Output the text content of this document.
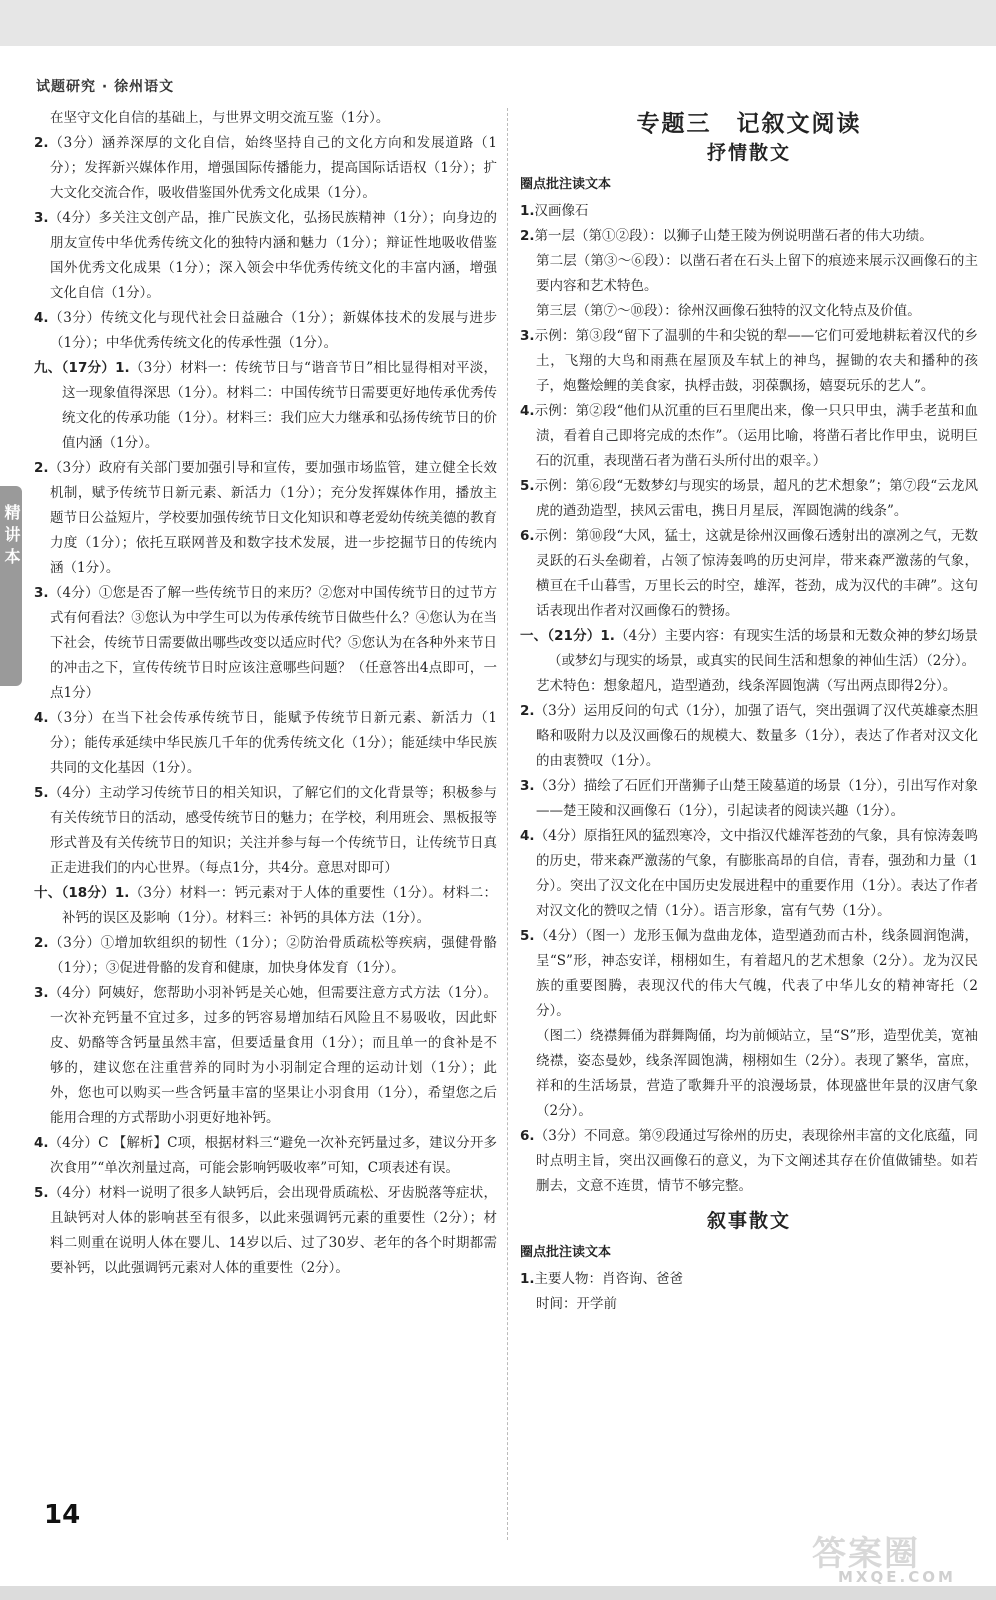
试题研究 · 徐州语文
精讲本

在坚守文化自信的基础上，与世界文明交流互鉴（1分）。

2.（3分）涵养深厚的文化自信，始终坚持自己的文化方向和发展道路（1分）；发挥新兴媒体作用，增强国际传播能力，提高国际话语权（1分）；扩大文化交流合作，吸收借鉴国外优秀文化成果（1分）。

3.（4分）多关注文创产品，推广民族文化，弘扬民族精神（1分）；向身边的朋友宣传中华优秀传统文化的独特内涵和魅力（1分）；辩证性地吸收借鉴国外优秀文化成果（1分）；深入领会中华优秀传统文化的丰富内涵，增强文化自信（1分）。

4.（3分）传统文化与现代社会日益融合（1分）；新媒体技术的发展与进步（1分）；中华优秀传统文化的传承性强（1分）。

九、（17分）1.（3分）材料一：传统节日与“谐音节日”相比显得相对平淡，这一现象值得深思（1分）。材料二：中国传统节日需要更好地传承优秀传统文化的传承功能（1分）。材料三：我们应大力继承和弘扬传统节日的价值内涵（1分）。

2.（3分）政府有关部门要加强引导和宣传，要加强市场监管，建立健全长效机制，赋予传统节日新元素、新活力（1分）；充分发挥媒体作用，播放主题节日公益短片，学校要加强传统节日文化知识和尊老爱幼传统美德的教育力度（1分）；依托互联网普及和数字技术发展，进一步挖掘节日的传统内涵（1分）。

3.（4分）①您是否了解一些传统节日的来历？②您对中国传统节日的过节方式有何看法？③您认为中学生可以为传承传统节日做些什么？④您认为在当下社会，传统节日需要做出哪些改变以适应时代？⑤您认为在各种外来节日的冲击之下，宣传传统节日时应该注意哪些问题？（任意答出4点即可，一点1分）

4.（3分）在当下社会传承传统节日，能赋予传统节日新元素、新活力（1分）；能传承延续中华民族几千年的优秀传统文化（1分）；能延续中华民族共同的文化基因（1分）。

5.（4分）主动学习传统节日的相关知识，了解它们的文化背景等；积极参与有关传统节日的活动，感受传统节日的魅力；在学校，利用班会、黑板报等形式普及有关传统节日的知识；关注并参与每一个传统节日，让传统节日真正走进我们的内心世界。（每点1分，共4分。意思对即可）

十、（18分）1.（3分）材料一：钙元素对于人体的重要性（1分）。材料二：补钙的误区及影响（1分）。材料三：补钙的具体方法（1分）。

2.（3分）①增加软组织的韧性（1分）；②防治骨质疏松等疾病，强健骨骼（1分）；③促进骨骼的发育和健康，加快身体发育（1分）。

3.（4分）阿姨好，您帮助小羽补钙是关心她，但需要注意方式方法（1分）。一次补充钙量不宜过多，过多的钙容易增加结石风险且不易吸收，因此虾皮、奶酪等含钙量虽然丰富，但要适量食用（1分）；而且单一的食补是不够的，建议您在注重营养的同时为小羽制定合理的运动计划（1分）；此外，您也可以购买一些含钙量丰富的坚果让小羽食用（1分），希望您之后能用合理的方式帮助小羽更好地补钙。

4.（4分）C 【解析】C项，根据材料三“避免一次补充钙量过多，建议分开多次食用”“单次剂量过高，可能会影响钙吸收率”可知，C项表述有误。

5.（4分）材料一说明了很多人缺钙后，会出现骨质疏松、牙齿脱落等症状，且缺钙对人体的影响甚至有很多，以此来强调钙元素的重要性（2分）；材料二则重在说明人体在婴儿、14岁以后、过了30岁、老年的各个时期都需要补钙，以此强调钙元素对人体的重要性（2分）。

专题三　记叙文阅读
抒情散文
圈点批注读文本

1.汉画像石

2.第一层（第①②段）：以狮子山楚王陵为例说明凿石者的伟大功绩。

第二层（第③～⑥段）：以凿石者在石头上留下的痕迹来展示汉画像石的主要内容和艺术特色。

第三层（第⑦～⑩段）：徐州汉画像石独特的汉文化特点及价值。

3.示例：第③段“留下了温驯的牛和尖锐的犁——它们可爱地耕耘着汉代的乡土，飞翔的大鸟和雨燕在屋顶及车轼上的神鸟，握锄的农夫和播种的孩子，炮鳖烩鲤的美食家，执桴击鼓，羽葆飘扬，嬉耍玩乐的艺人”。

4.示例：第②段“他们从沉重的巨石里爬出来，像一只只甲虫，满手老茧和血渍，看着自己即将完成的杰作”。（运用比喻，将凿石者比作甲虫，说明巨石的沉重，表现凿石者为凿石头所付出的艰辛。）

5.示例：第⑥段“无数梦幻与现实的场景，超凡的艺术想象”；第⑦段“云龙风虎的遒劲造型，挟风云雷电，携日月星辰，浑圆饱满的线条”。

6.示例：第⑩段“大风，猛士，这就是徐州汉画像石透射出的凛冽之气，无数灵跃的石头垒砌着，占领了惊涛轰鸣的历史河岸，带来森严激荡的气象，横亘在千山暮雪，万里长云的时空，雄浑，苍劲，成为汉代的丰碑”。这句话表现出作者对汉画像石的赞扬。

一、（21分）1.（4分）主要内容：有现实生活的场景和无数众神的梦幻场景（或梦幻与现实的场景，或真实的民间生活和想象的神仙生活）（2分）。

艺术特色：想象超凡，造型遒劲，线条浑圆饱满（写出两点即得2分）。

2.（3分）运用反问的句式（1分），加强了语气，突出强调了汉代英雄豪杰胆略和吸附力以及汉画像石的规模大、数量多（1分），表达了作者对汉文化的由衷赞叹（1分）。

3.（3分）描绘了石匠们开凿狮子山楚王陵墓道的场景（1分），引出写作对象——楚王陵和汉画像石（1分），引起读者的阅读兴趣（1分）。

4.（4分）原指狂风的猛烈寒冷，文中指汉代雄浑苍劲的气象，具有惊涛轰鸣的历史，带来森严激荡的气象，有膨胀高昂的自信，青春，强劲和力量（1分）。突出了汉文化在中国历史发展进程中的重要作用（1分）。表达了作者对汉文化的赞叹之情（1分）。语言形象，富有气势（1分）。

5.（4分）（图一）龙形玉佩为盘曲龙体，造型遒劲而古朴，线条圆润饱满，呈“S”形，神态安详，栩栩如生，有着超凡的艺术想象（2分）。龙为汉民族的重要图腾，表现汉代的伟大气魄，代表了中华儿女的精神寄托（2分）。

（图二）绕襟舞俑为群舞陶俑，均为前倾站立，呈“S”形，造型优美，宽袖绕襟，姿态曼妙，线条浑圆饱满，栩栩如生（2分）。表现了繁华，富庶，祥和的生活场景，营造了歌舞升平的浪漫场景，体现盛世年景的汉唐气象（2分）。

6.（3分）不同意。第⑨段通过写徐州的历史，表现徐州丰富的文化底蕴，同时点明主旨，突出汉画像石的意义，为下文阐述其存在价值做铺垫。如若删去，文意不连贯，情节不够完整。

叙事散文
圈点批注读文本

1.主要人物：肖咨询、爸爸

时间：开学前

14
答案圈
MXQE.COM
